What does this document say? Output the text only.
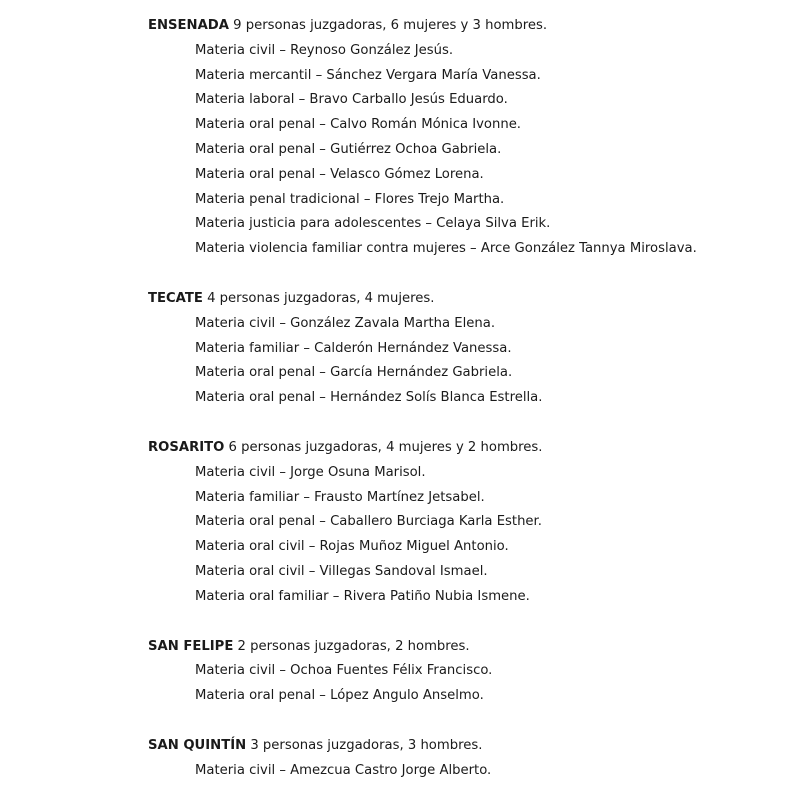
ENSENADA 9 personas juzgadoras, 6 mujeres y 3 hombres.
Materia civil – Reynoso González Jesús.
Materia mercantil – Sánchez Vergara María Vanessa.
Materia laboral – Bravo Carballo Jesús Eduardo.
Materia oral penal – Calvo Román Mónica Ivonne.
Materia oral penal – Gutiérrez Ochoa Gabriela.
Materia oral penal – Velasco Gómez Lorena.
Materia penal tradicional – Flores Trejo Martha.
Materia justicia para adolescentes – Celaya Silva Erik.
Materia violencia familiar contra mujeres – Arce González Tannya Miroslava.
TECATE 4 personas juzgadoras, 4 mujeres.
Materia civil – González Zavala Martha Elena.
Materia familiar – Calderón Hernández Vanessa.
Materia oral penal – García Hernández Gabriela.
Materia oral penal – Hernández Solís Blanca Estrella.
ROSARITO 6 personas juzgadoras, 4 mujeres y 2 hombres.
Materia civil – Jorge Osuna Marisol.
Materia familiar – Frausto Martínez Jetsabel.
Materia oral penal – Caballero Burciaga Karla Esther.
Materia oral civil – Rojas Muñoz Miguel Antonio.
Materia oral civil – Villegas Sandoval Ismael.
Materia oral familiar – Rivera Patiño Nubia Ismene.
SAN FELIPE 2 personas juzgadoras, 2 hombres.
Materia civil – Ochoa Fuentes Félix Francisco.
Materia oral penal – López Angulo Anselmo.
SAN QUINTÍN 3 personas juzgadoras, 3 hombres.
Materia civil – Amezcua Castro Jorge Alberto.
